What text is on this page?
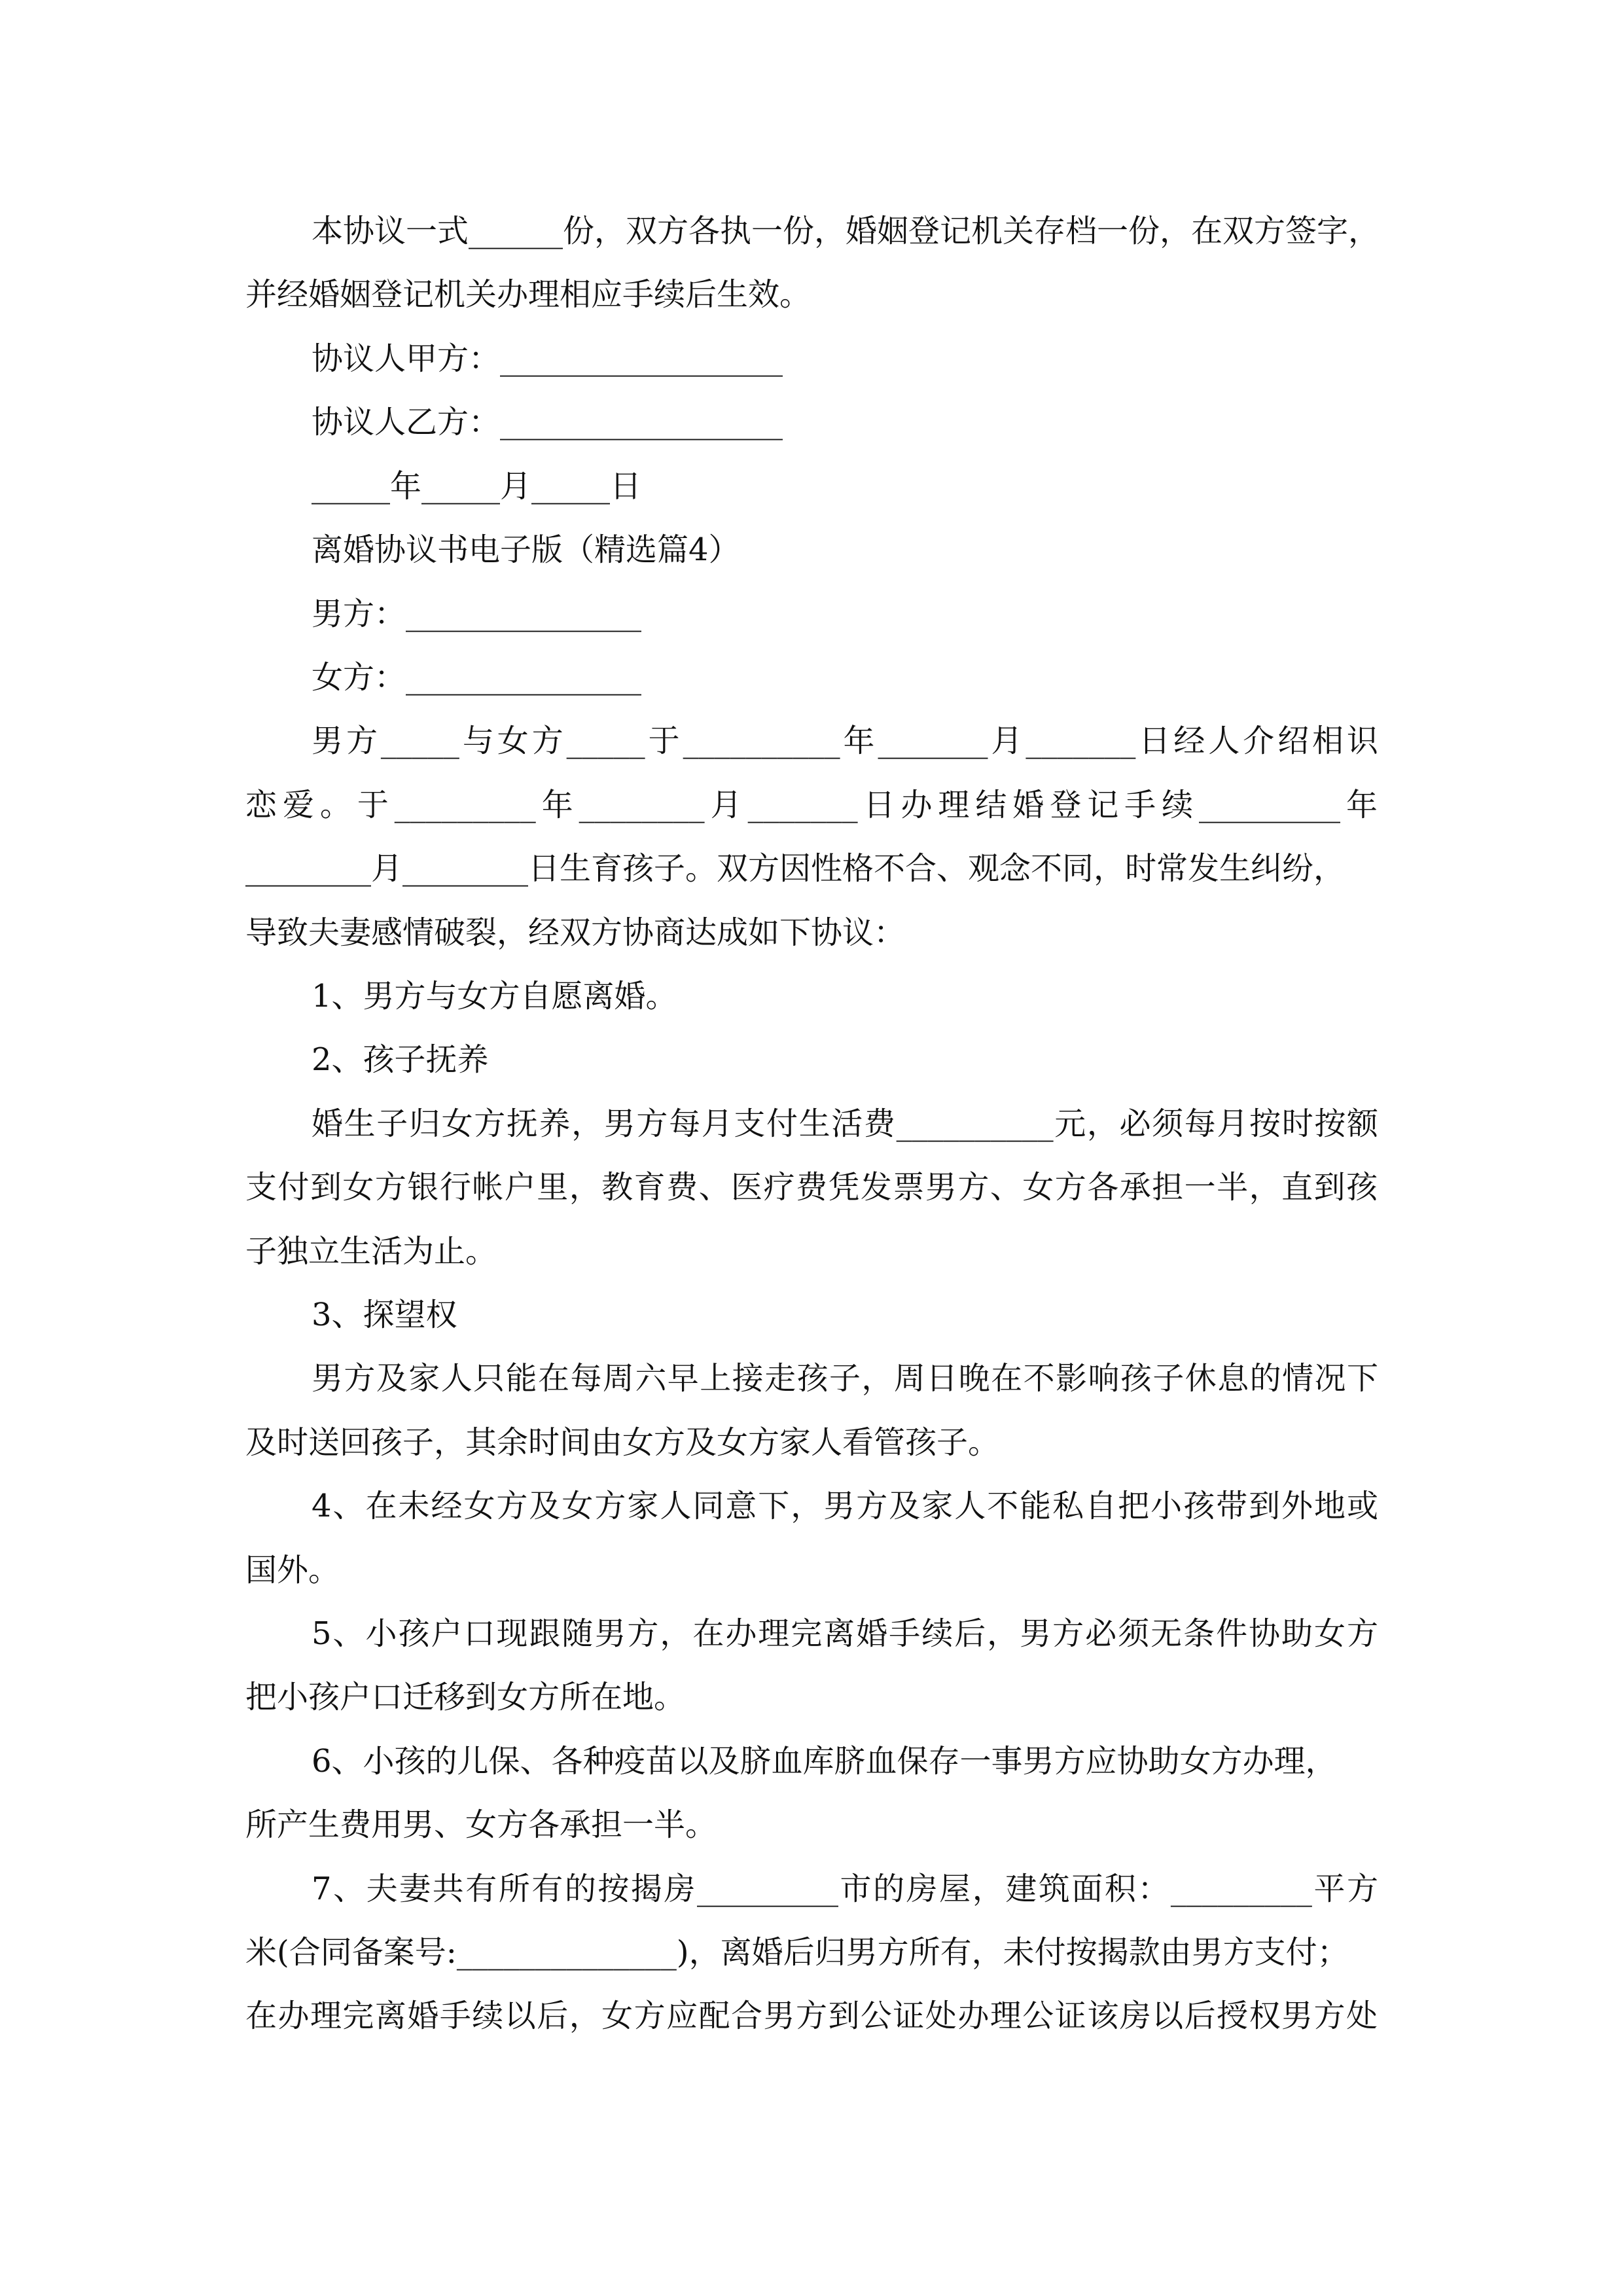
本协议一式______份，双方各执一份，婚姻登记机关存档一份，在双方签字，
并经婚姻登记机关办理相应手续后生效。
协议人甲方：__________________
协议人乙方：__________________
_____年_____月_____日
离婚协议书电子版（精选篇4）
男方：_______________
女方：_______________
男方_____与女方_____于__________年_______月_______日经人介绍相识
恋爱。于_________年________月_______日办理结婚登记手续_________年
________月________日生育孩子。双方因性格不合、观念不同，时常发生纠纷，
导致夫妻感情破裂，经双方协商达成如下协议：
1、男方与女方自愿离婚。
2、孩子抚养
婚生子归女方抚养，男方每月支付生活费__________元，必须每月按时按额
支付到女方银行帐户里，教育费、医疗费凭发票男方、女方各承担一半，直到孩
子独立生活为止。
3、探望权
男方及家人只能在每周六早上接走孩子，周日晚在不影响孩子休息的情况下
及时送回孩子，其余时间由女方及女方家人看管孩子。
4、在未经女方及女方家人同意下，男方及家人不能私自把小孩带到外地或
国外。
5、小孩户口现跟随男方，在办理完离婚手续后，男方必须无条件协助女方
把小孩户口迁移到女方所在地。
6、小孩的儿保、各种疫苗以及脐血库脐血保存一事男方应协助女方办理，
所产生费用男、女方各承担一半。
7、夫妻共有所有的按揭房_________市的房屋，建筑面积：_________平方
米(合同备案号:______________)，离婚后归男方所有，未付按揭款由男方支付；
在办理完离婚手续以后，女方应配合男方到公证处办理公证该房以后授权男方处
